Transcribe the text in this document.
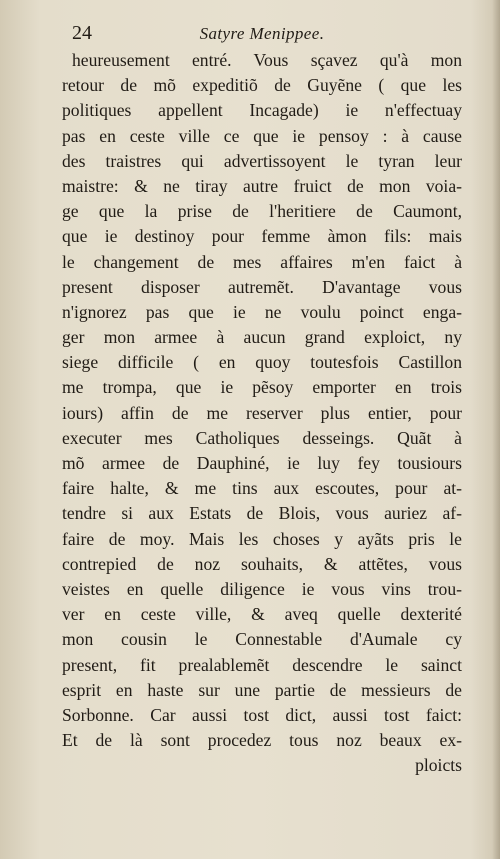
24	Satyre Menippee.
heureusement entré. Vous sçavez qu'à mon
retour de mõ expeditiõ de Guyẽne ( que les
politiques appellent Incagade) ie n'effectuay
pas en ceste ville ce que ie pensoy : à cause
des traistres qui advertissoyent le tyran leur
maistre: & ne tiray autre fruict de mon voia-
ge que la prise de l'heritiere de Caumont,
que ie destinoy pour femme àmon fils: mais
le changement de mes affaires m'en faict à
present disposer autremẽt. D'avantage vous
n'ignorez pas que ie ne voulu poinct enga-
ger mon armee à aucun grand exploict, ny
siege difficile ( en quoy toutesfois Castillon
me trompa, que ie pẽsoy emporter en trois
iours) affin de me reserver plus entier, pour
executer mes Catholiques desseings. Quãt à
mõ armee de Dauphiné, ie luy fey tousiours
faire halte, & me tins aux escoutes, pour at-
tendre si aux Estats de Blois, vous auriez af-
faire de moy. Mais les choses y ayãts pris le
contrepied de noz souhaits, & attẽtes, vous
veistes en quelle diligence ie vous vins trou-
ver en ceste ville, & aveq quelle dexterité
mon cousin le Connestable d'Aumale cy
present, fit prealablemẽt descendre le sainct
esprit en haste sur une partie de messieurs de
Sorbonne. Car aussi tost dict, aussi tost faict:
Et de là sont procedez tous noz beaux ex-
ploicts
